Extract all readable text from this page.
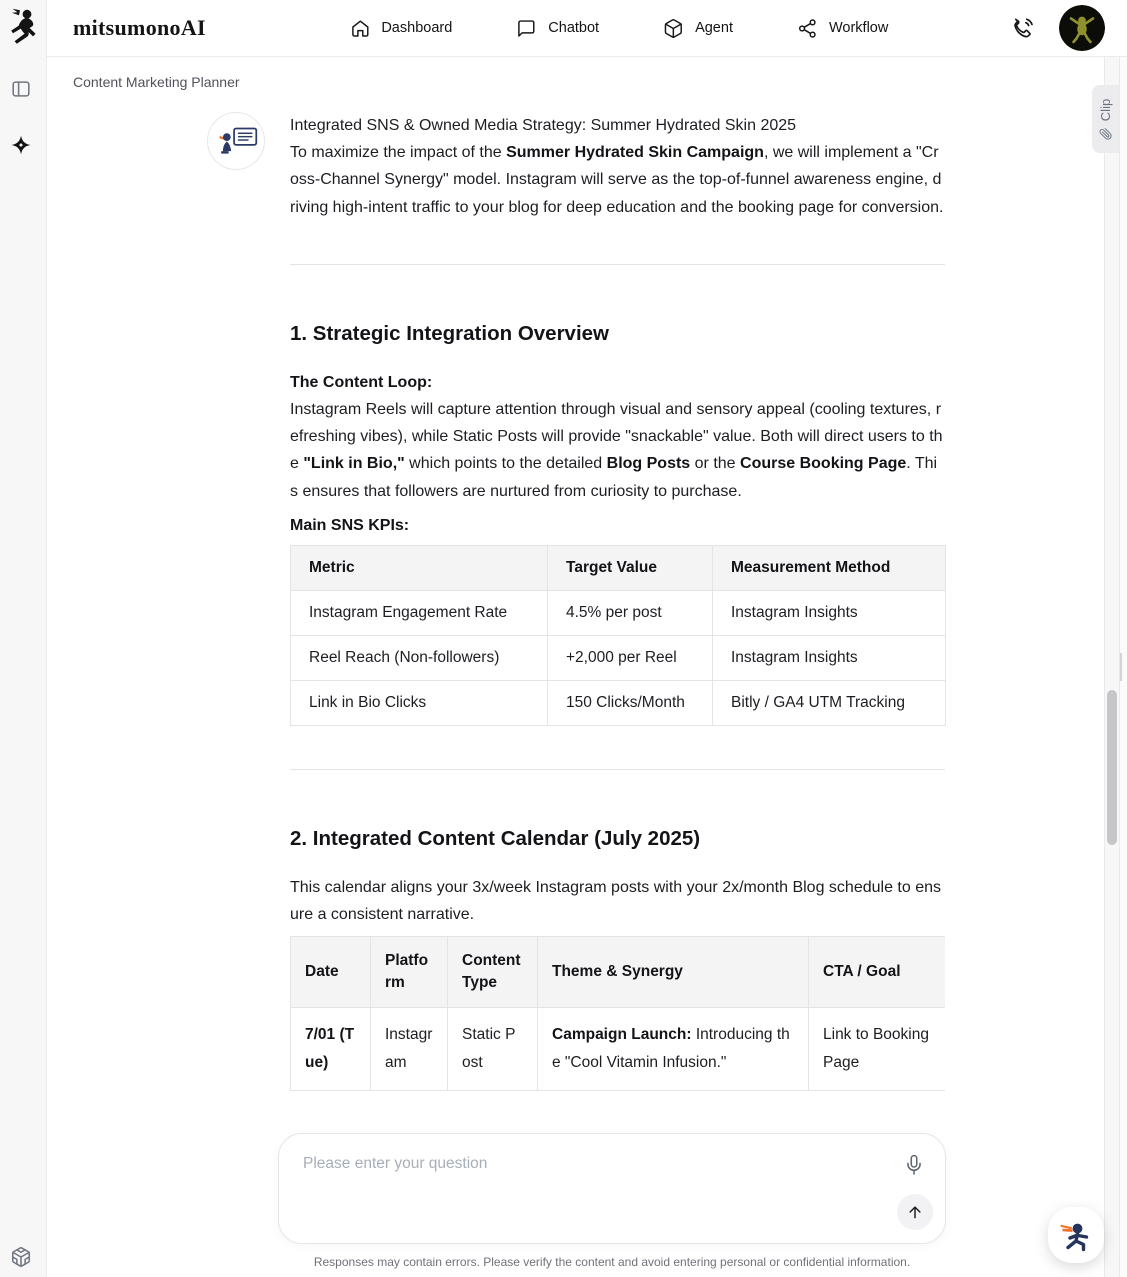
mitsumonoAI	Dashboard	Chatbot	Agent	Workflow
Content Marketing Planner

Integrated SNS & Owned Media Strategy: Summer Hydrated Skin 2025

To maximize the impact of the Summer Hydrated Skin Campaign, we will implement a "Cross-Channel Synergy" model. Instagram will serve as the top-of-funnel awareness engine, driving high-intent traffic to your blog for deep education and the booking page for conversion.

1. Strategic Integration Overview

The Content Loop:

Instagram Reels will capture attention through visual and sensory appeal (cooling textures, refreshing vibes), while Static Posts will provide "snackable" value. Both will direct users to the "Link in Bio," which points to the detailed Blog Posts or the Course Booking Page. This ensures that followers are nurtured from curiosity to purchase.

Main SNS KPIs:

Metric	Target Value	Measurement Method
Instagram Engagement Rate	4.5% per post	Instagram Insights
Reel Reach (Non-followers)	+2,000 per Reel	Instagram Insights
Link in Bio Clicks	150 Clicks/Month	Bitly / GA4 UTM Tracking
2. Integrated Content Calendar (July 2025)

This calendar aligns your 3x/week Instagram posts with your 2x/month Blog schedule to ensure a consistent narrative.

Date	Platform	Content Type	Theme & Synergy	CTA / Goal
7/01 (Tue)	Instagram	Static Post	Campaign Launch: Introducing the "Cool Vitamin Infusion."	Link to Booking Page
Clip
Please enter your question
Responses may contain errors. Please verify the content and avoid entering personal or confidential information.
